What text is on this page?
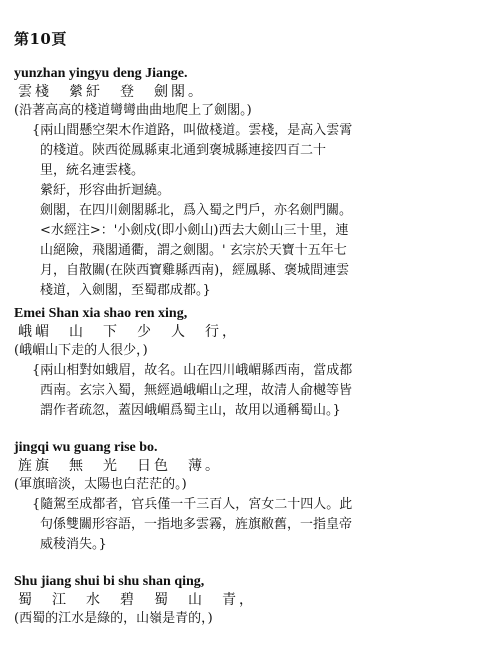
第10頁
yunzhan yingyu deng Jiange.
雲棧　縈紆　登　劍閣。
(沿著高高的棧道彎彎曲曲地爬上了劍閣。)
{兩山間懸空架木作道路，叫做棧道。雲棧，是高入雲霄
的棧道。陝西從鳳縣東北通到褒城縣連接四百二十
里，統名連雲棧。
縈紆，形容曲折迴繞。
劍閣，在四川劍閣縣北，爲入蜀之門戶，亦名劍門關。
<水經注>：'小劍戍(即小劍山)西去大劍山三十里，連
山絕險，飛閣通衢，謂之劍閣。' 玄宗於天寶十五年七
月，自散關(在陝西寶雞縣西南)，經鳳縣、褒城間連雲
棧道，入劍閣，至蜀郡成都。}
Emei Shan xia shao ren xing,
峨嵋　山　下　少　人　行，
(峨嵋山下走的人很少，)
{兩山相對如蛾眉，故名。山在四川峨嵋縣西南，當成都
西南。玄宗入蜀，無經過峨嵋山之理，故清人俞樾等皆
謂作者疏忽，蓋因峨嵋爲蜀主山，故用以通稱蜀山。}
jingqi wu guang rise bo.
旌旗　無　光　日色　薄。
(軍旗暗淡，太陽也白茫茫的。)
{隨駕至成都者，官兵僅一千三百人，宮女二十四人。此
句係雙關形容語，一指地多雲霧，旌旗敝舊，一指皇帝
威稜消失。}
Shu jiang shui bi shu shan qing,
蜀　江　水　碧　蜀　山　青，
(西蜀的江水是綠的，山嶺是青的，)
